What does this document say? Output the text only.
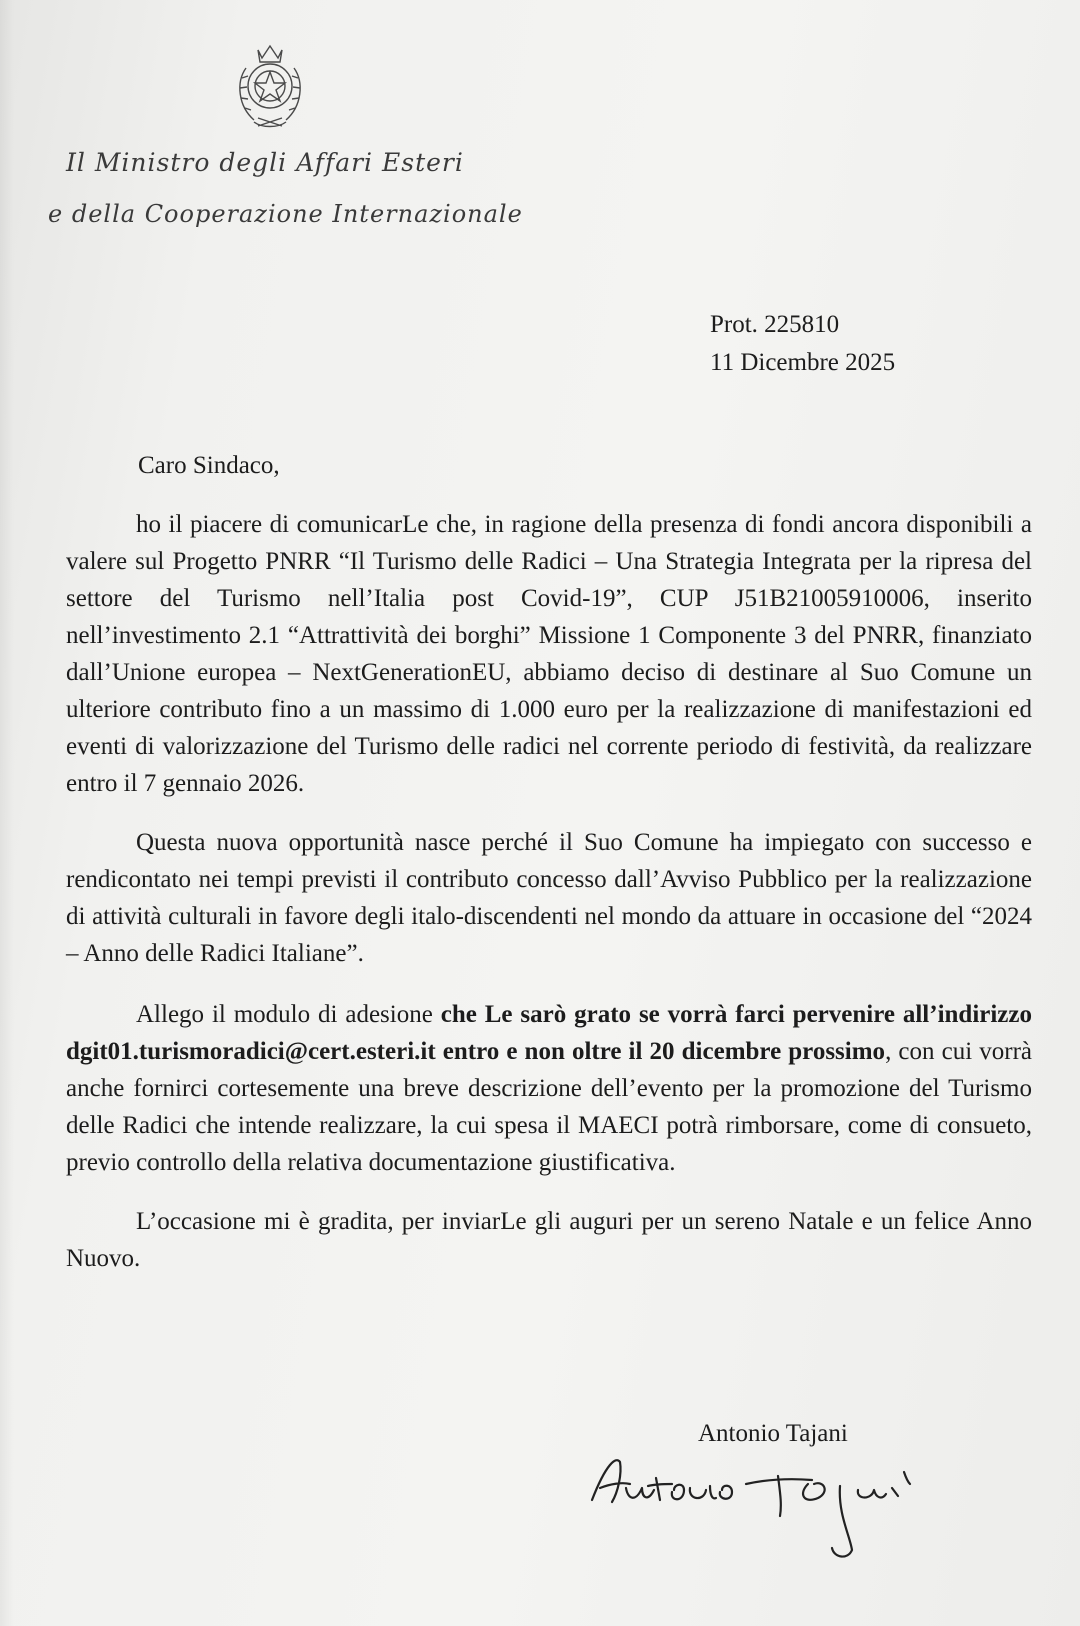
Il Ministro degli Affari Esteri
e della Cooperazione Internazionale
Prot. 225810
11 Dicembre 2025
Caro Sindaco,

ho il piacere di comunicarLe che, in ragione della presenza di fondi ancora disponibili a valere sul Progetto PNRR “Il Turismo delle Radici – Una Strategia Integrata per la ripresa del settore del Turismo nell’Italia post Covid-19”, CUP J51B21005910006, inserito nell’investimento 2.1 “Attrattività dei borghi” Missione 1 Componente 3 del PNRR, finanziato dall’Unione europea – NextGenerationEU, abbiamo deciso di destinare al Suo Comune un ulteriore contributo fino a un massimo di 1.000 euro per la realizzazione di manifestazioni ed eventi di valorizzazione del Turismo delle radici nel corrente periodo di festività, da realizzare entro il 7 gennaio 2026.

Questa nuova opportunità nasce perché il Suo Comune ha impiegato con successo e rendicontato nei tempi previsti il contributo concesso dall’Avviso Pubblico per la realizzazione di attività culturali in favore degli italo-discendenti nel mondo da attuare in occasione del “2024 – Anno delle Radici Italiane”.

Allego il modulo di adesione che Le sarò grato se vorrà farci pervenire all’indirizzo dgit01.turismoradici@cert.esteri.it entro e non oltre il 20 dicembre prossimo, con cui vorrà anche fornirci cortesemente una breve descrizione dell’evento per la promozione del Turismo delle Radici che intende realizzare, la cui spesa il MAECI potrà rimborsare, come di consueto, previo controllo della relativa documentazione giustificativa.

L’occasione mi è gradita, per inviarLe gli auguri per un sereno Natale e un felice Anno Nuovo.

Antonio Tajani
